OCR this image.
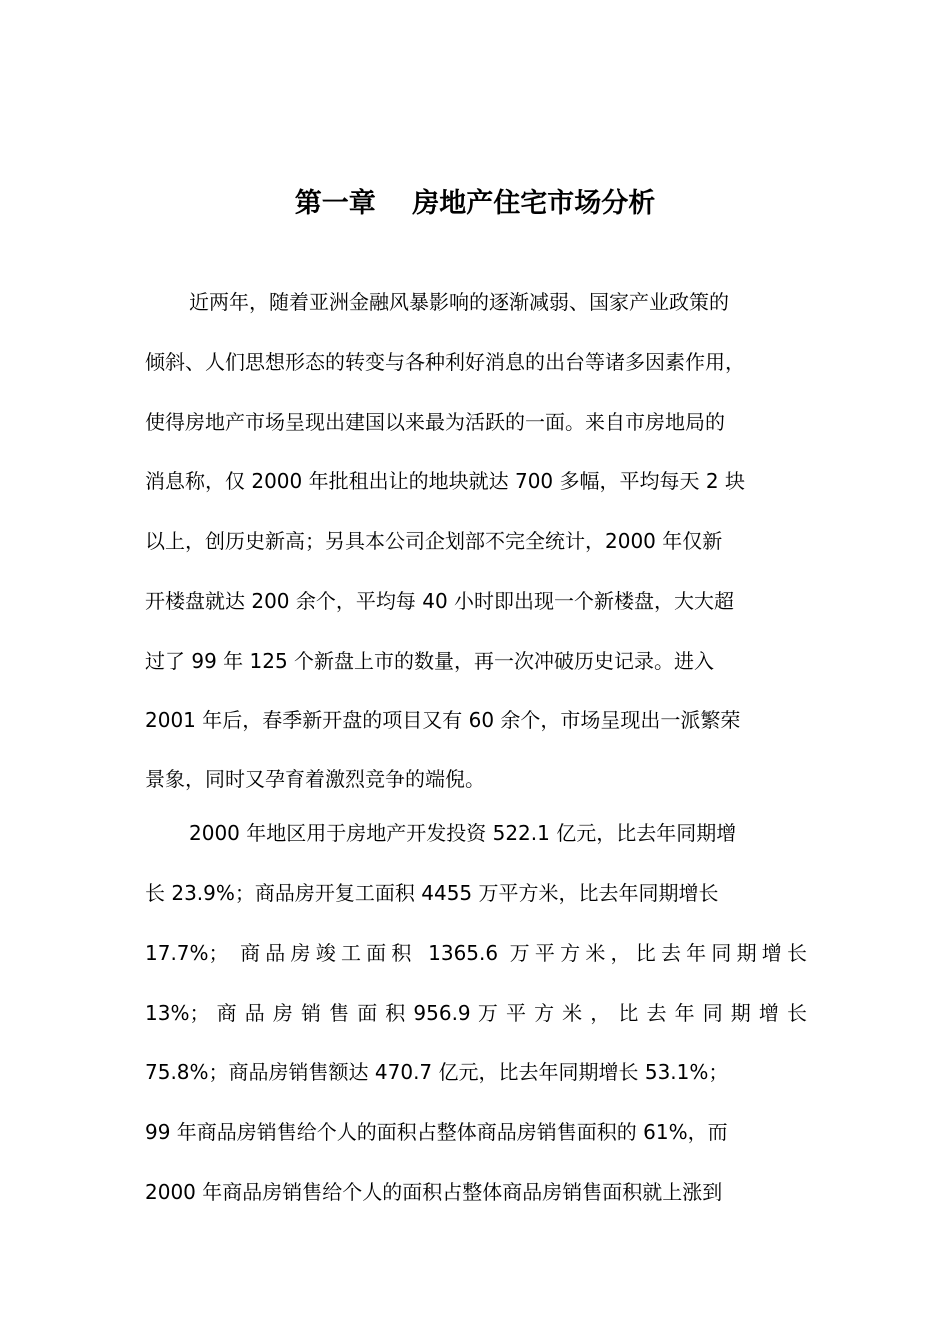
第一章　 房地产住宅市场分析

近两年，随着亚洲金融风暴影响的逐渐减弱、国家产业政策的

倾斜、人们思想形态的转变与各种利好消息的出台等诸多因素作用，

使得房地产市场呈现出建国以来最为活跃的一面。来自市房地局的

消息称，仅 2000 年批租出让的地块就达 700 多幅，平均每天 2 块

以上，创历史新高；另具本公司企划部不完全统计，2000 年仅新

开楼盘就达 200 余个，平均每 40 小时即出现一个新楼盘，大大超

过了 99 年 125 个新盘上市的数量，再一次冲破历史记录。进入

2001 年后，春季新开盘的项目又有 60 余个，市场呈现出一派繁荣

景象，同时又孕育着激烈竞争的端倪。

2000 年地区用于房地产开发投资 522.1 亿元，比去年同期增

长 23.9%；商品房开复工面积 4455 万平方米，比去年同期增长

17.7%； 商品房竣工面积 1365.6 万平方米，比去年同期增长

13%； 商 品 房 销 售 面 积 956.9 万 平 方 米 ， 比 去 年 同 期 增 长

75.8%；商品房销售额达 470.7 亿元，比去年同期增长 53.1%；

99 年商品房销售给个人的面积占整体商品房销售面积的 61%，而

2000 年商品房销售给个人的面积占整体商品房销售面积就上涨到
